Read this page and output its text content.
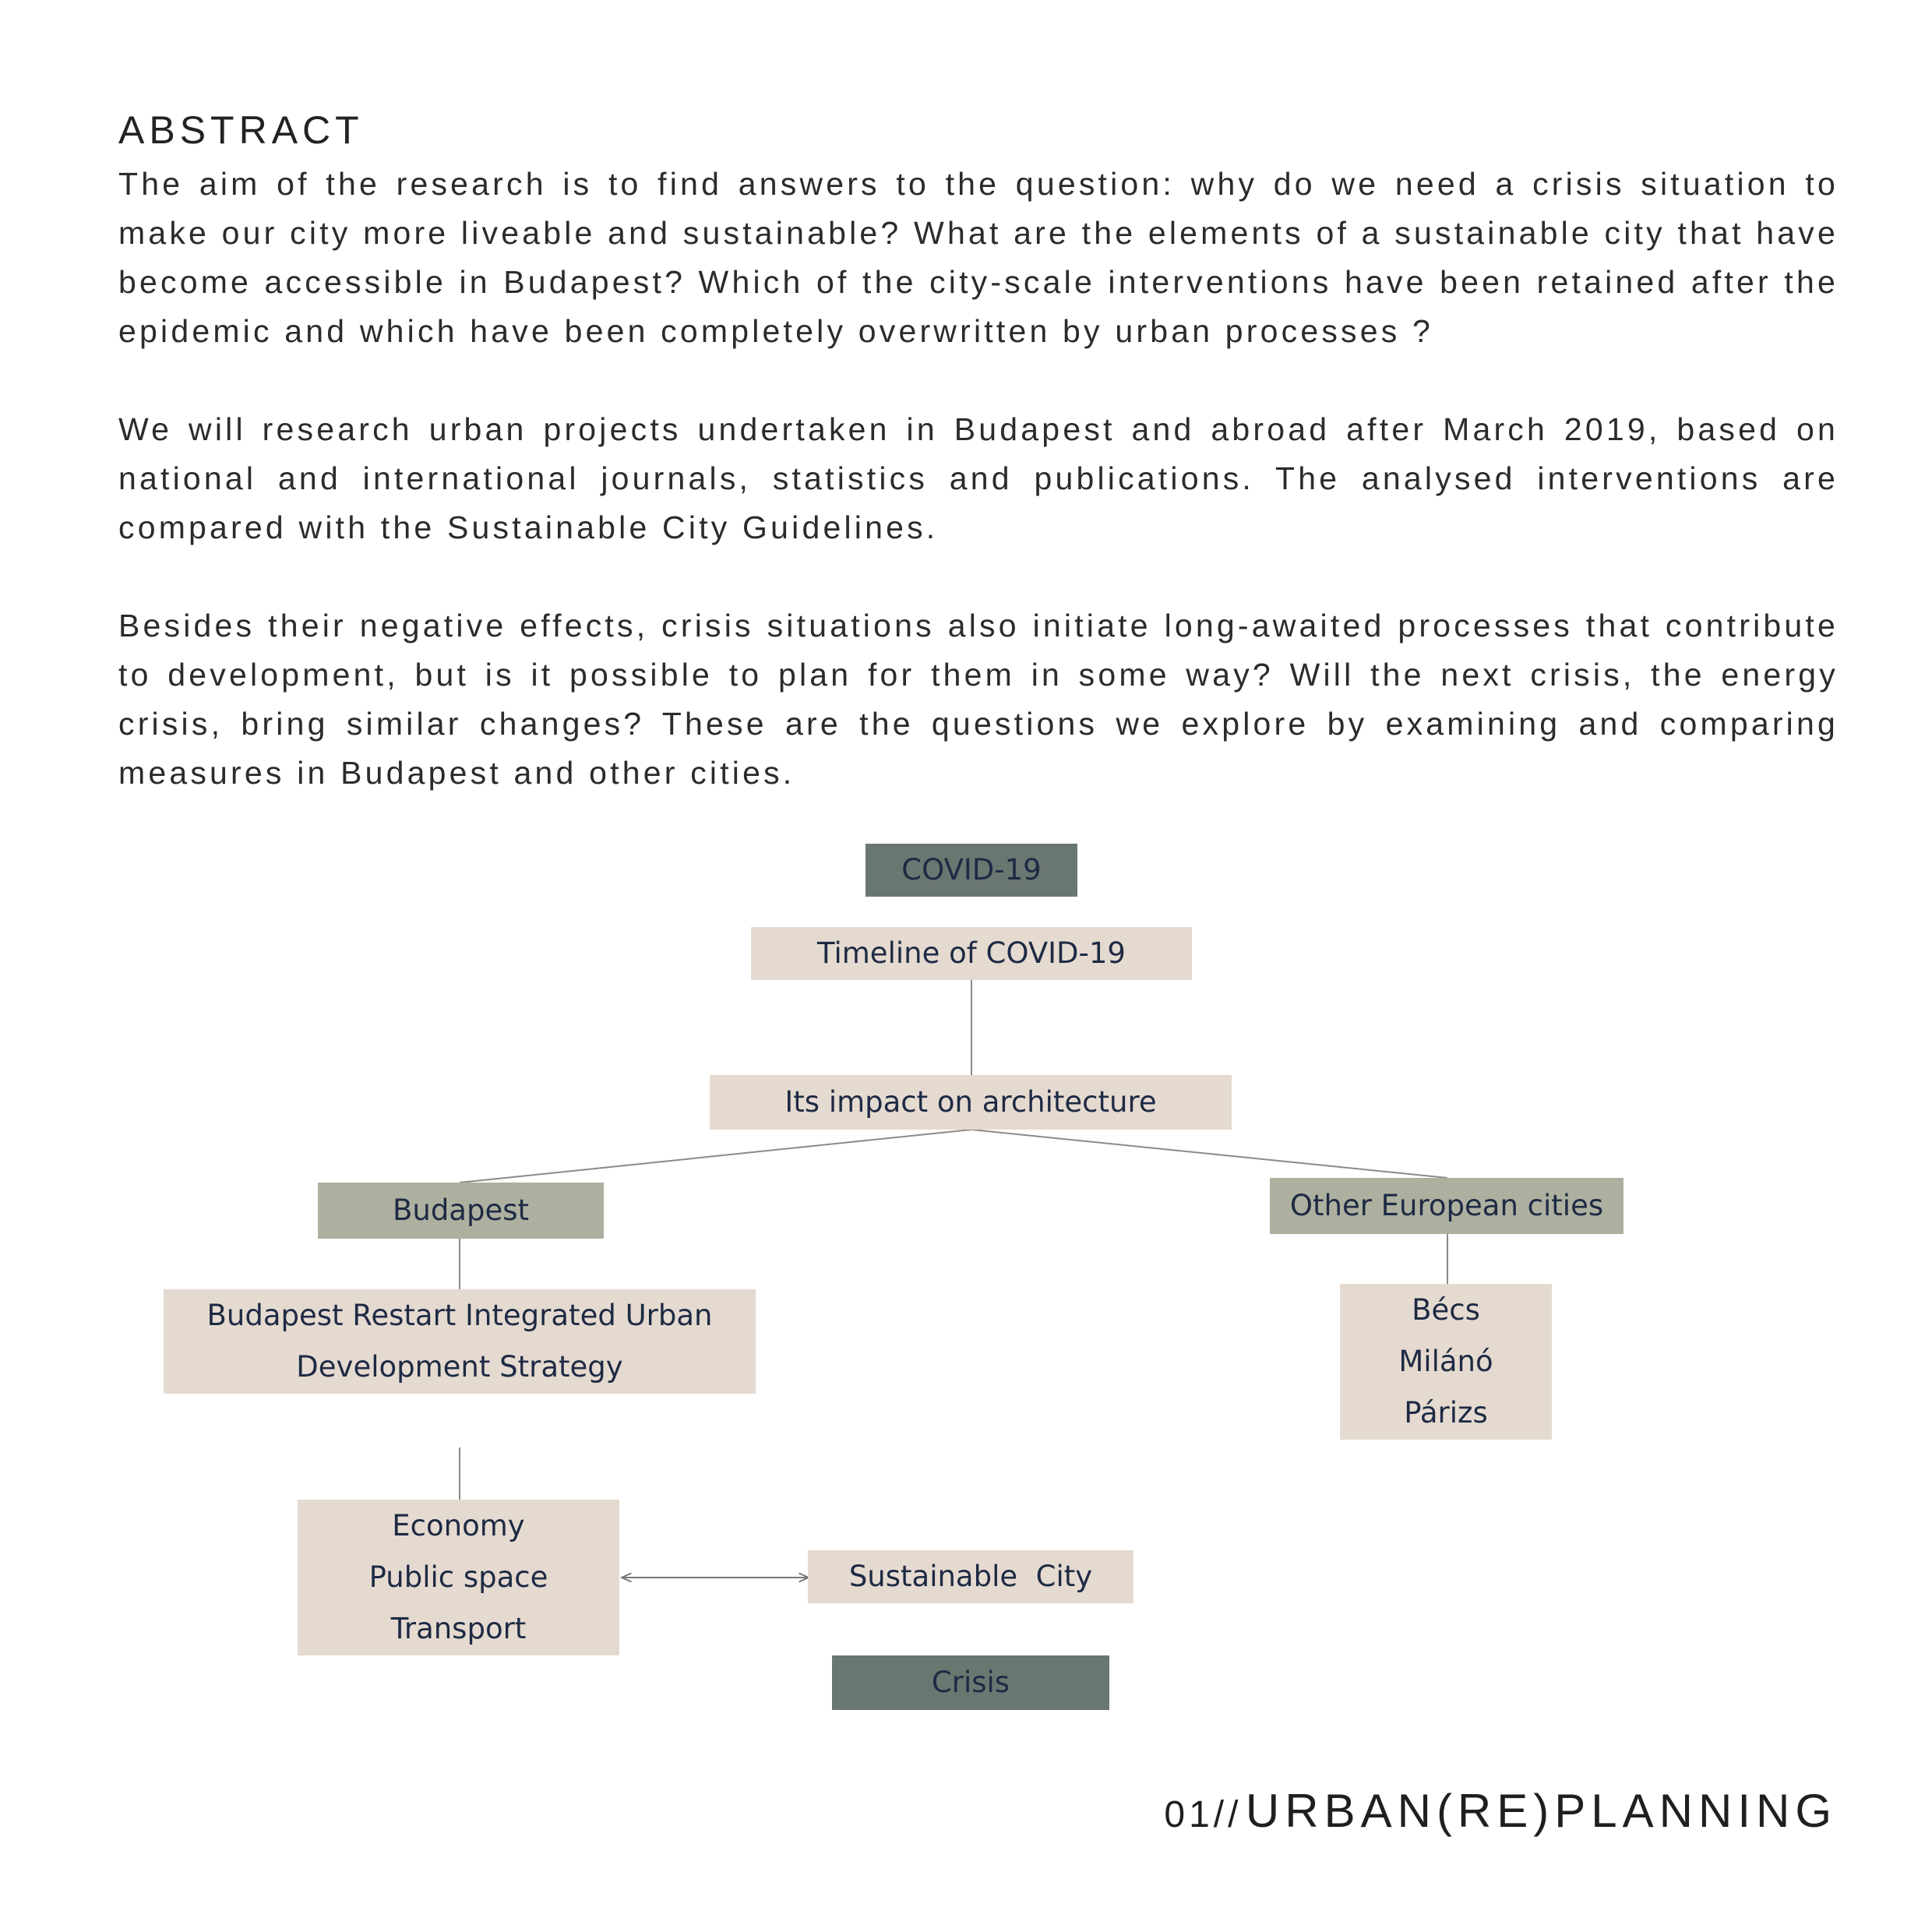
ABSTRACT

The aim of the research is to find answers to the question: why do we need a crisis situation to make our city more liveable and sustainable? What are the elements of a sustainable city that have become accessible in Budapest? Which of the city-scale interventions have been retained after the epidemic and which have been completely overwritten by urban processes ?

We will research urban projects undertaken in Budapest and abroad after March 2019, based on national and international journals, statistics and publications. The analysed interventions are compared with the Sustainable City Guidelines.

Besides their negative effects, crisis situations also initiate long-awaited processes that contribute to development, but is it possible to plan for them in some way? Will the next crisis, the energy crisis, bring similar changes? These are the questions we explore by examining and comparing measures in Budapest and other cities.

COVID-19
Timeline of COVID-19
Its impact on architecture
Budapest	Other European cities
Budapest Restart Integrated Urban
Development Strategy
Bécs
Milánó
Párizs
Economy
Public space
Transport
Sustainable  City
Crisis
01// URBAN(RE)PLANNING
